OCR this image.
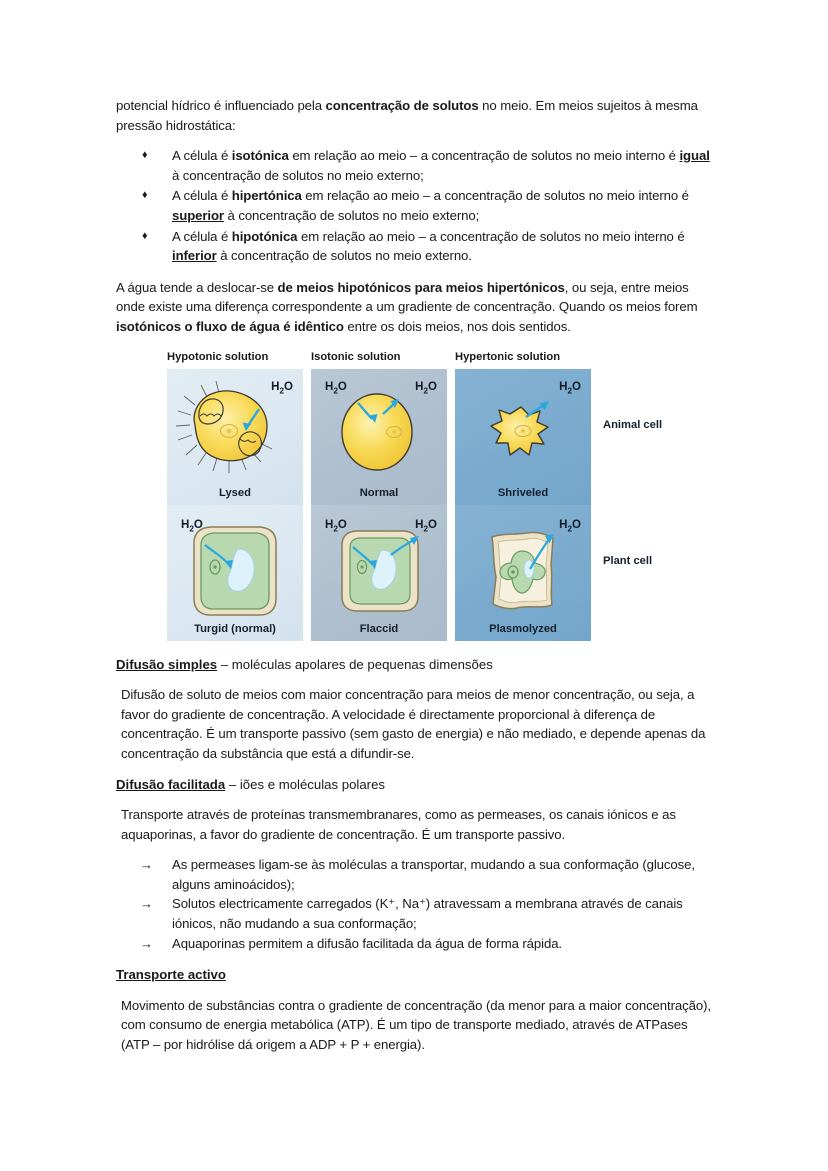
potencial hídrico é influenciado pela concentração de solutos no meio. Em meios sujeitos à mesma pressão hidrostática:

♦ A célula é isotónica em relação ao meio – a concentração de solutos no meio interno é igual à concentração de solutos no meio externo;
♦ A célula é hipertónica em relação ao meio – a concentração de solutos no meio interno é superior à concentração de solutos no meio externo;
♦ A célula é hipotónica em relação ao meio – a concentração de solutos no meio interno é inferior à concentração de solutos no meio externo.

A água tende a deslocar-se de meios hipotónicos para meios hipertónicos, ou seja, entre meios onde existe uma diferença correspondente a um gradiente de concentração. Quando os meios forem isotónicos o fluxo de água é idêntico entre os dois meios, nos dois sentidos.

Hypotonic solution	Isotonic solution	Hypertonic solution
$H_2O$
Lysed
$H_2O$	$H_2O$
Normal
$H_2O$
Shriveled
$H_2O$
Turgid (normal)
$H_2O$	$H_2O$
Flaccid
$H_2O$
Plasmolyzed
Animal cell
Plant cell
Difusão simples – moléculas apolares de pequenas dimensões

Difusão de soluto de meios com maior concentração para meios de menor concentração, ou seja, a favor do gradiente de concentração. A velocidade é directamente proporcional à diferença de concentração. É um transporte passivo (sem gasto de energia) e não mediado, e depende apenas da concentração da substância que está a difundir-se.

Difusão facilitada – iões e moléculas polares

Transporte através de proteínas transmembranares, como as permeases, os canais iónicos e as aquaporinas, a favor do gradiente de concentração. É um transporte passivo.

→ As permeases ligam-se às moléculas a transportar, mudando a sua conformação (glucose, alguns aminoácidos);
→ Solutos electricamente carregados (K⁺, Na⁺) atravessam a membrana através de canais iónicos, não mudando a sua conformação;
→ Aquaporinas permitem a difusão facilitada da água de forma rápida.
Transporte activo

Movimento de substâncias contra o gradiente de concentração (da menor para a maior concentração), com consumo de energia metabólica (ATP). É um tipo de transporte mediado, através de ATPases (ATP – por hidrólise dá origem a ADP + P + energia).
